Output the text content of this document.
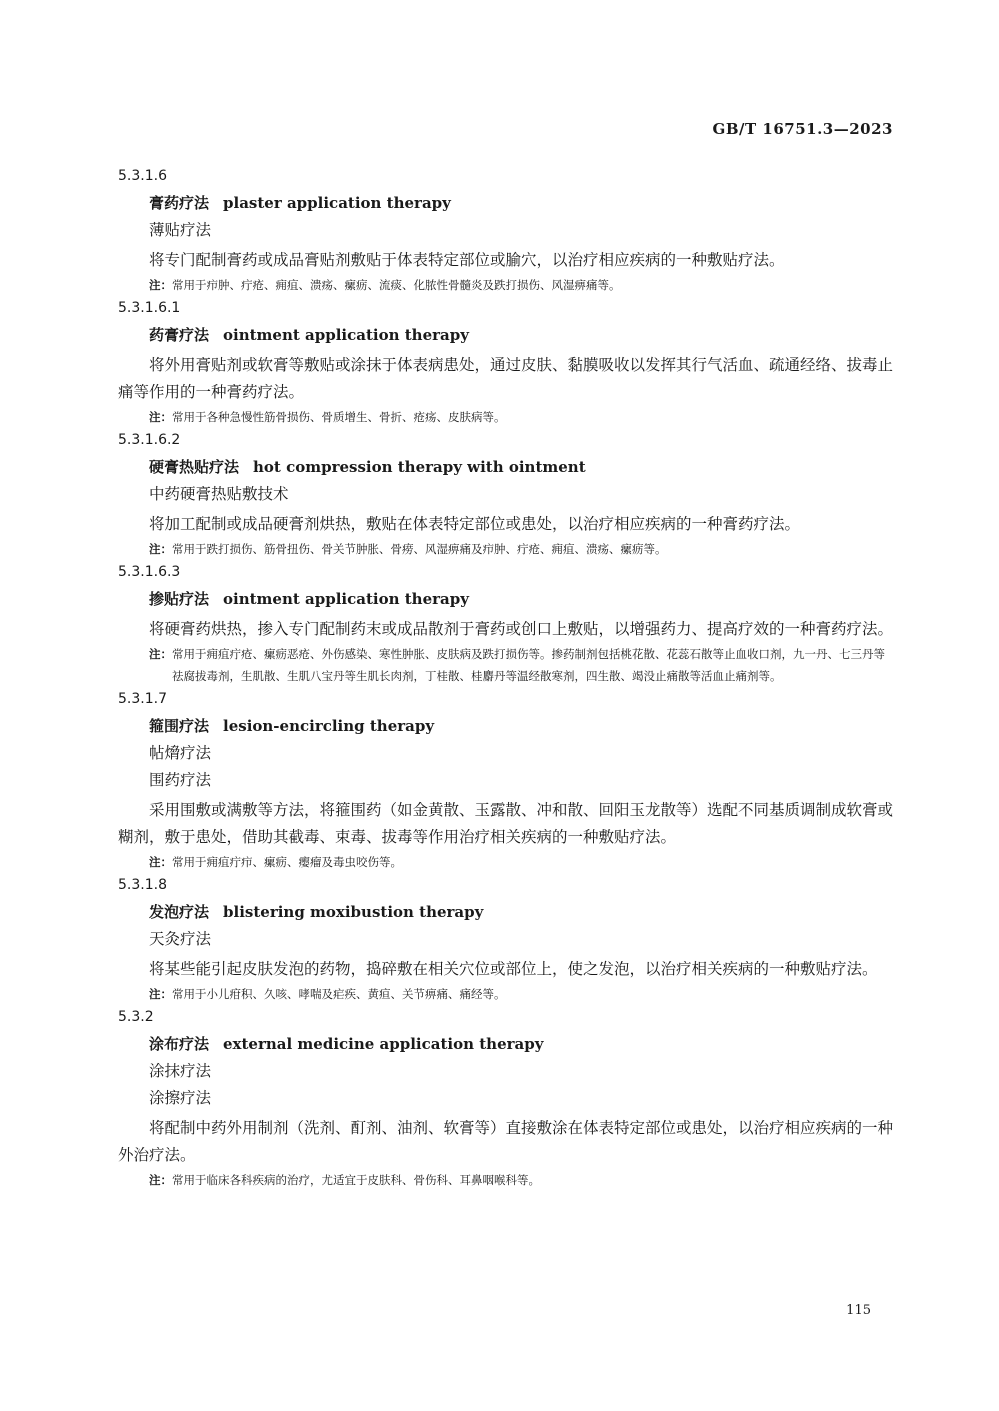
GB/T 16751.3—2023
5.3.1.6
膏药疗法 plaster application therapy
薄贴疗法

将专门配制膏药或成品膏贴剂敷贴于体表特定部位或腧穴，以治疗相应疾病的一种敷贴疗法。

注： 常用于疖肿、疔疮、痈疽、溃疡、瘰疬、流痰、化脓性骨髓炎及跌打损伤、风湿痹痛等。
5.3.1.6.1
药膏疗法 ointment application therapy

将外用膏贴剂或软膏等敷贴或涂抹于体表病患处，通过皮肤、黏膜吸收以发挥其行气活血、疏通经络、拔毒止痛等作用的一种膏药疗法。

注： 常用于各种急慢性筋骨损伤、骨质增生、骨折、疮疡、皮肤病等。
5.3.1.6.2
硬膏热贴疗法 hot compression therapy with ointment
中药硬膏热贴敷技术

将加工配制或成品硬膏剂烘热，敷贴在体表特定部位或患处，以治疗相应疾病的一种膏药疗法。

注： 常用于跌打损伤、筋骨扭伤、骨关节肿胀、骨痨、风湿痹痛及疖肿、疔疮、痈疽、溃疡、瘰疬等。
5.3.1.6.3
掺贴疗法 ointment application therapy

将硬膏药烘热，掺入专门配制药末或成品散剂于膏药或创口上敷贴，以增强药力、提高疗效的一种膏药疗法。

注： 常用于痈疽疔疮、瘰疬恶疮、外伤感染、寒性肿胀、皮肤病及跌打损伤等。掺药制剂包括桃花散、花蕊石散等止血收口剂，九一丹、七三丹等祛腐拔毒剂，生肌散、生肌八宝丹等生肌长肉剂，丁桂散、桂麝丹等温经散寒剂，四生散、竭没止痛散等活血止痛剂等。
5.3.1.7
箍围疗法 lesion-encircling therapy
帖熁疗法
围药疗法

采用围敷或满敷等方法，将箍围药（如金黄散、玉露散、冲和散、回阳玉龙散等）选配不同基质调制成软膏或糊剂，敷于患处，借助其截毒、束毒、拔毒等作用治疗相关疾病的一种敷贴疗法。

注： 常用于痈疽疔疖、瘰疬、瘿瘤及毒虫咬伤等。
5.3.1.8
发泡疗法 blistering moxibustion therapy
天灸疗法

将某些能引起皮肤发泡的药物，捣碎敷在相关穴位或部位上，使之发泡，以治疗相关疾病的一种敷贴疗法。

注： 常用于小儿疳积、久咳、哮喘及疟疾、黄疸、关节痹痛、痛经等。
5.3.2
涂布疗法 external medicine application therapy
涂抹疗法
涂擦疗法

将配制中药外用制剂（洗剂、酊剂、油剂、软膏等）直接敷涂在体表特定部位或患处，以治疗相应疾病的一种外治疗法。

注： 常用于临床各科疾病的治疗，尤适宜于皮肤科、骨伤科、耳鼻咽喉科等。
115
